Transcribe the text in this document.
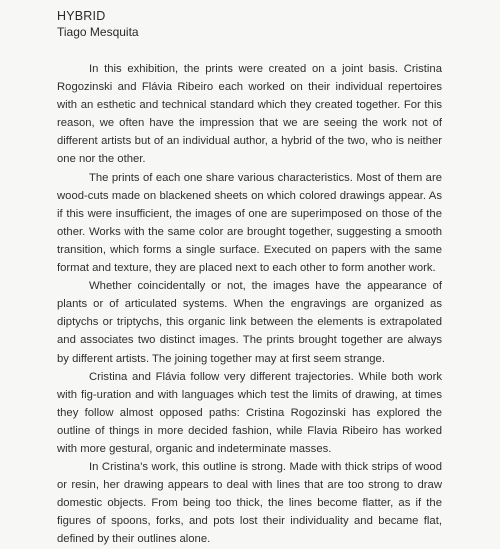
HYBRID
Tiago Mesquita

In this exhibition, the prints were created on a joint basis. Cristina Rogozinski and Flávia Ribeiro each worked on their individual repertoires with an esthetic and technical standard which they created together. For this reason, we often have the impression that we are seeing the work not of different artists but of an individual author, a hybrid of the two, who is neither one nor the other.

The prints of each one share various characteristics. Most of them are wood-cuts made on blackened sheets on which colored drawings appear. As if this were insufficient, the images of one are superimposed on those of the other. Works with the same color are brought together, suggesting a smooth transition, which forms a single surface. Executed on papers with the same format and texture, they are placed next to each other to form another work.

Whether coincidentally or not, the images have the appearance of plants or of articulated systems. When the engravings are organized as diptychs or triptychs, this organic link between the elements is extrapolated and associates two distinct images. The prints brought together are always by different artists. The joining together may at first seem strange.

Cristina and Flávia follow very different trajectories. While both work with fig-uration and with languages which test the limits of drawing, at times they follow almost opposed paths: Cristina Rogozinski has explored the outline of things in more decided fashion, while Flavia Ribeiro has worked with more gestural, organic and indeterminate masses.

In Cristina's work, this outline is strong. Made with thick strips of wood or resin, her drawing appears to deal with lines that are too strong to draw domestic objects. From being too thick, the lines become flatter, as if the figures of spoons, forks, and pots lost their individuality and became flat, defined by their outlines alone.
